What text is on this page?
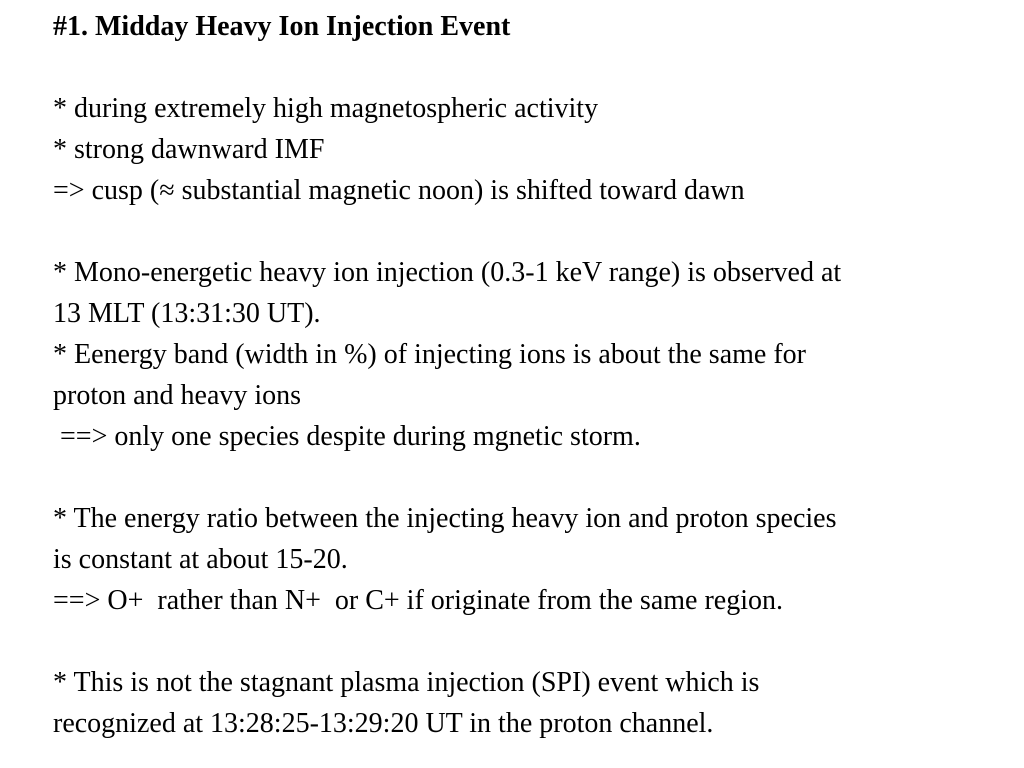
#1. Midday Heavy Ion Injection Event
* during extremely high magnetospheric activity
* strong dawnward IMF
=> cusp (≈ substantial magnetic noon) is shifted toward dawn
* Mono-energetic heavy ion injection (0.3-1 keV range) is observed at
13 MLT (13:31:30 UT).
* Eenergy band (width in %) of injecting ions is about the same for
proton and heavy ions
==> only one species despite during mgnetic storm.
* The energy ratio between the injecting heavy ion and proton species
is constant at about 15-20.
==> O+  rather than N+  or C+ if originate from the same region.
* This is not the stagnant plasma injection (SPI) event which is
recognized at 13:28:25-13:29:20 UT in the proton channel.
